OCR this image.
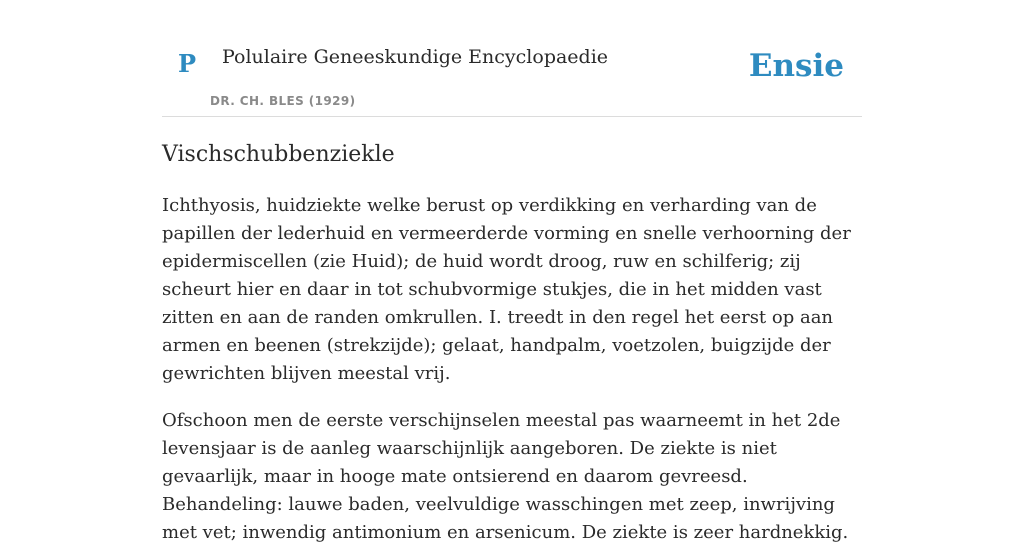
P Polulaire Geneeskundige Encyclopaedie
DR. CH. BLES (1929)
Ensie
Vischschubbenziekle

Ichthyosis, huidziekte welke berust op verdikking en verharding van de papillen der lederhuid en vermeerderde vorming en snelle verhoorning der epidermiscellen (zie Huid); de huid wordt droog, ruw en schilferig; zij scheurt hier en daar in tot schubvormige stukjes, die in het midden vast zitten en aan de randen omkrullen. I. treedt in den regel het eerst op aan armen en beenen (strekzijde); gelaat, handpalm, voetzolen, buigzijde der gewrichten blijven meestal vrij.

Ofschoon men de eerste verschijnselen meestal pas waarneemt in het 2de levensjaar is de aanleg waarschijnlijk aangeboren. De ziekte is niet gevaarlijk, maar in hooge mate ontsierend en daarom gevreesd. Behandeling: lauwe baden, veelvuldige wasschingen met zeep, inwrijving met vet; inwendig antimonium en arsenicum. De ziekte is zeer hardnekkig.
